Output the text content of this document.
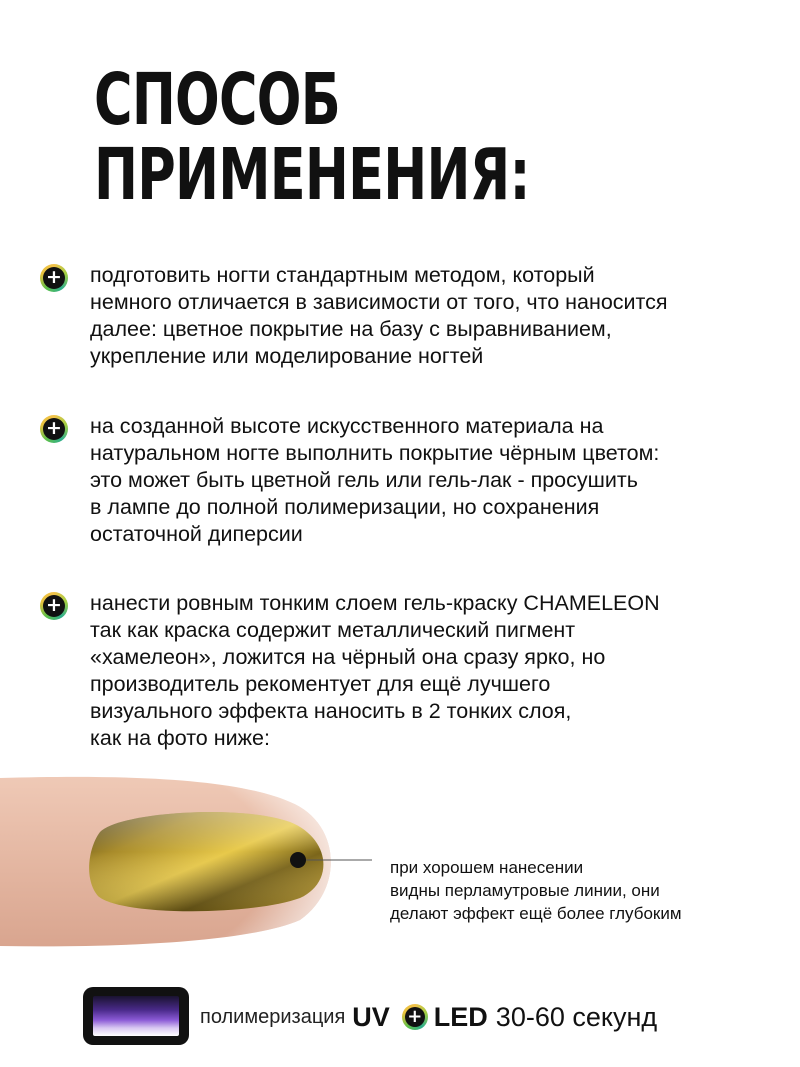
СПОСОБ
ПРИМЕНЕНИЯ:
+

подготовить ногти стандартным методом, который
немного отличается в зависимости от того, что наносится
далее: цветное покрытие на базу с выравниванием,
укрепление или моделирование ногтей

+

на созданной высоте искусственного материала на
натуральном ногте выполнить покрытие чёрным цветом:
это может быть цветной гель или гель-лак - просушить
в лампе до полной полимеризации, но сохранения
остаточной диперсии

+

нанести ровным тонким слоем гель-краску CHAMELEON
так как краска содержит металлический пигмент
«хамелеон», ложится на чёрный она сразу ярко, но
производитель рекоментует для ещё лучшего
визуального эффекта наносить в 2 тонких слоя,
как на фото ниже:

при хорошем нанесении
видны перламутровые линии, они
делают эффект ещё более глубоким

полимеризация UV
+ LED 30-60 секунд
